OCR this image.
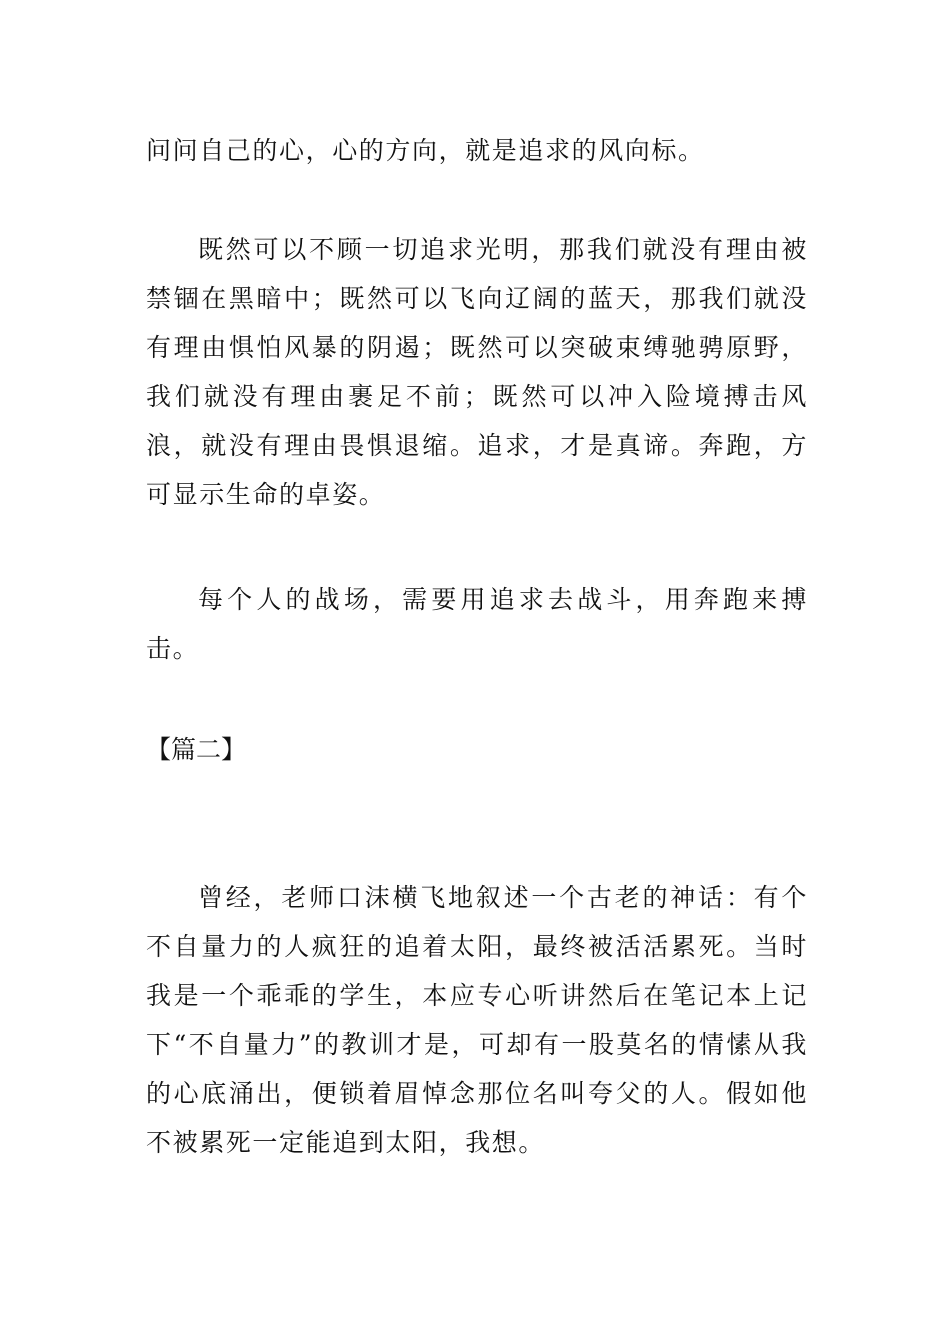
问问自己的心，心的方向，就是追求的风向标。

既然可以不顾一切追求光明，那我们就没有理由被禁锢在黑暗中；既然可以飞向辽阔的蓝天，那我们就没有理由惧怕风暴的阴遏；既然可以突破束缚驰骋原野，我们就没有理由裹足不前；既然可以冲入险境搏击风浪，就没有理由畏惧退缩。追求，才是真谛。奔跑，方可显示生命的卓姿。

每个人的战场，需要用追求去战斗，用奔跑来搏击。

【篇二】

曾经，老师口沫横飞地叙述一个古老的神话：有个不自量力的人疯狂的追着太阳，最终被活活累死。当时我是一个乖乖的学生，本应专心听讲然后在笔记本上记下“不自量力”的教训才是，可却有一股莫名的情愫从我的心底涌出，便锁着眉悼念那位名叫夸父的人。假如他不被累死一定能追到太阳，我想。
